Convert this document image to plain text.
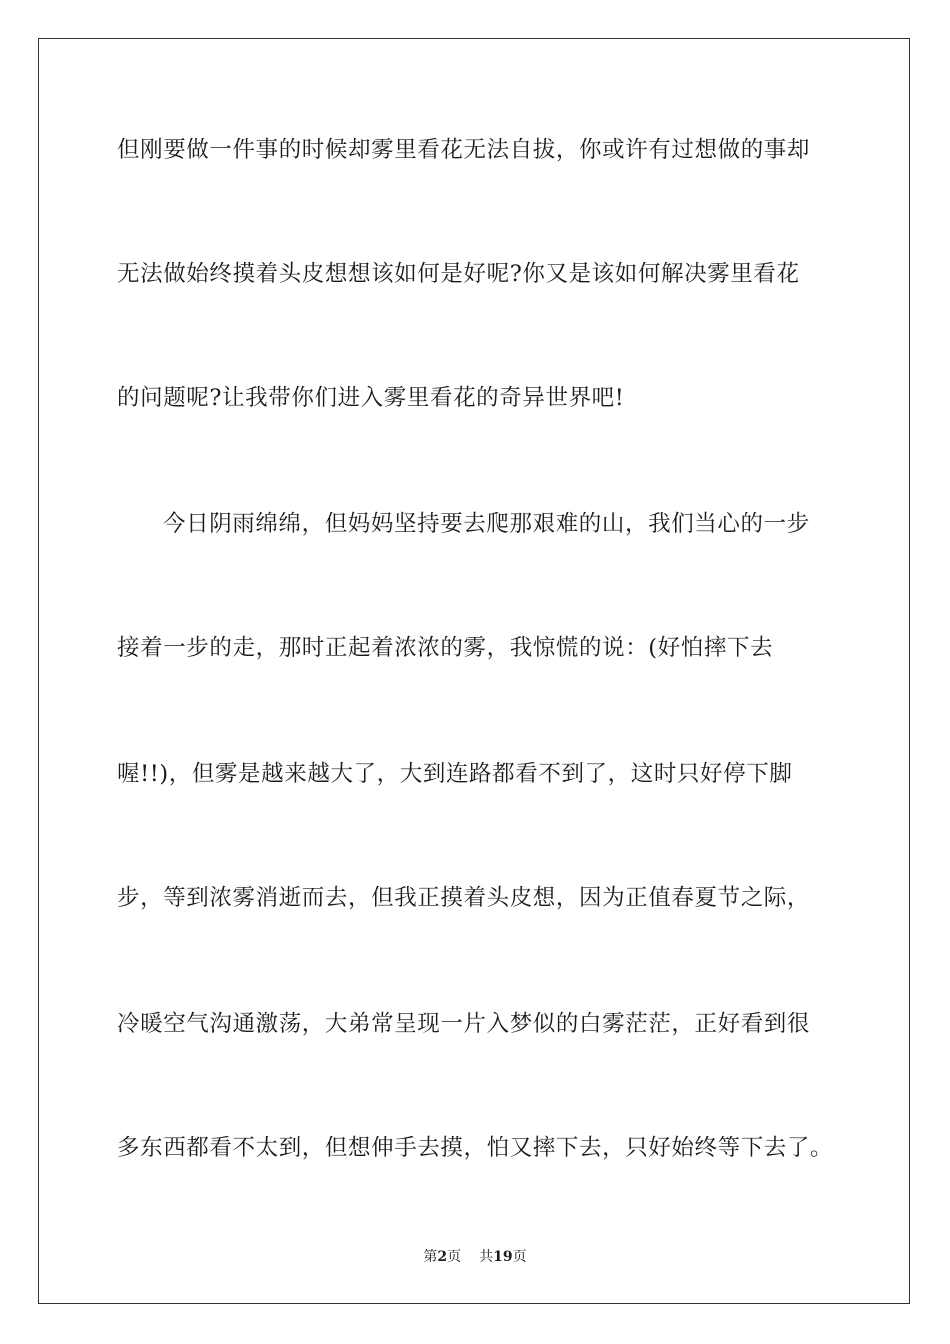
但刚要做一件事的时候却雾里看花无法自拔，你或许有过想做的事却
无法做始终摸着头皮想想该如何是好呢?你又是该如何解决雾里看花
的问题呢?让我带你们进入雾里看花的奇异世界吧!
今日阴雨绵绵，但妈妈坚持要去爬那艰难的山，我们当心的一步
接着一步的走，那时正起着浓浓的雾，我惊慌的说：(好怕摔下去
喔!!)，但雾是越来越大了，大到连路都看不到了，这时只好停下脚
步，等到浓雾消逝而去，但我正摸着头皮想，因为正值春夏节之际，
冷暖空气沟通激荡，大弟常呈现一片入梦似的白雾茫茫，正好看到很
多东西都看不太到，但想伸手去摸，怕又摔下去，只好始终等下去了。
第2页 共19页
